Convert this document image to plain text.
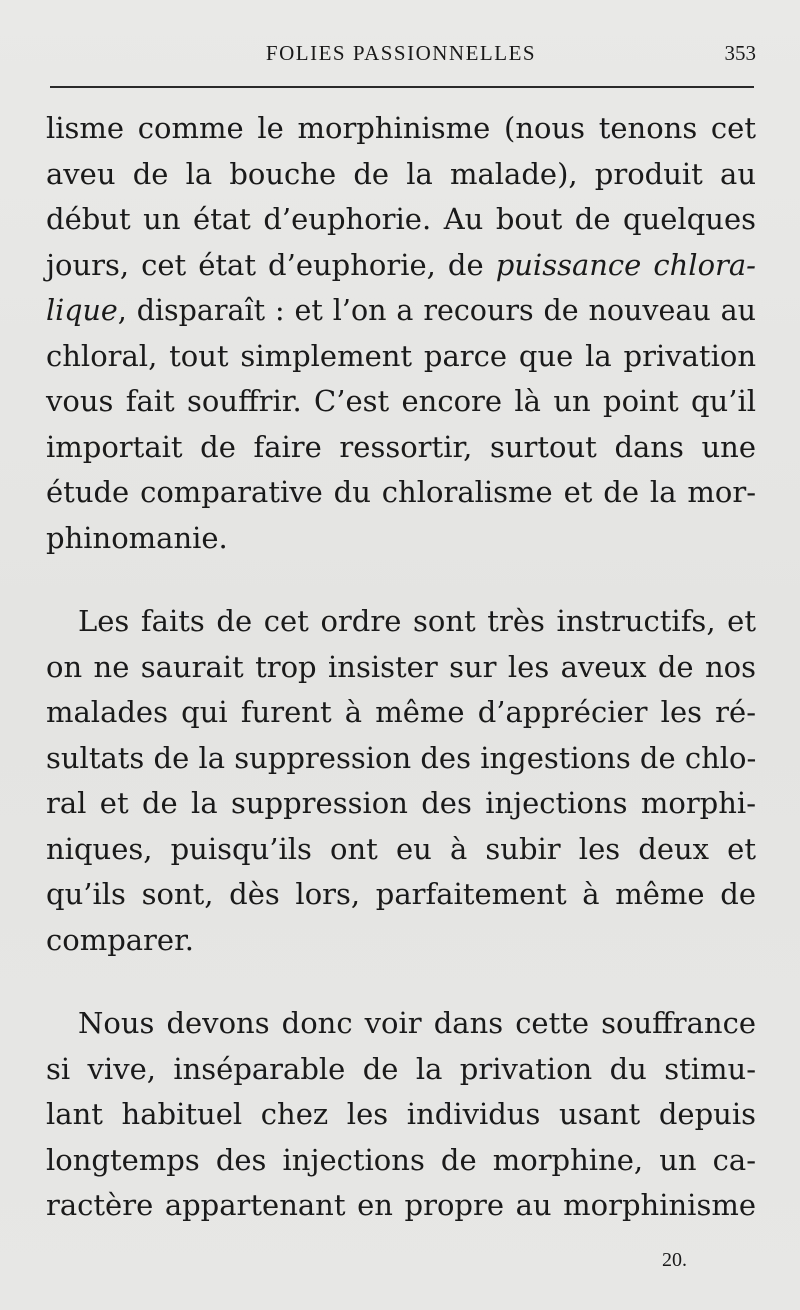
FOLIES PASSIONNELLES	353
lisme comme le morphinisme (nous tenons cet
aveu de la bouche de la malade), produit au
début un état d’euphorie. Au bout de quelques
jours, cet état d’euphorie, de puissance chlora-
lique, disparaît : et l’on a recours de nouveau au
chloral, tout simplement parce que la privation
vous fait souffrir. C’est encore là un point qu’il
importait de faire ressortir, surtout dans une
étude comparative du chloralisme et de la mor-
phinomanie.
Les faits de cet ordre sont très instructifs, et
on ne saurait trop insister sur les aveux de nos
malades qui furent à même d’apprécier les ré-
sultats de la suppression des ingestions de chlo-
ral et de la suppression des injections morphi-
niques, puisqu’ils ont eu à subir les deux et
qu’ils sont, dès lors, parfaitement à même de
comparer.
Nous devons donc voir dans cette souffrance
si vive, inséparable de la privation du stimu-
lant habituel chez les individus usant depuis
longtemps des injections de morphine, un ca-
ractère appartenant en propre au morphinisme
20.
